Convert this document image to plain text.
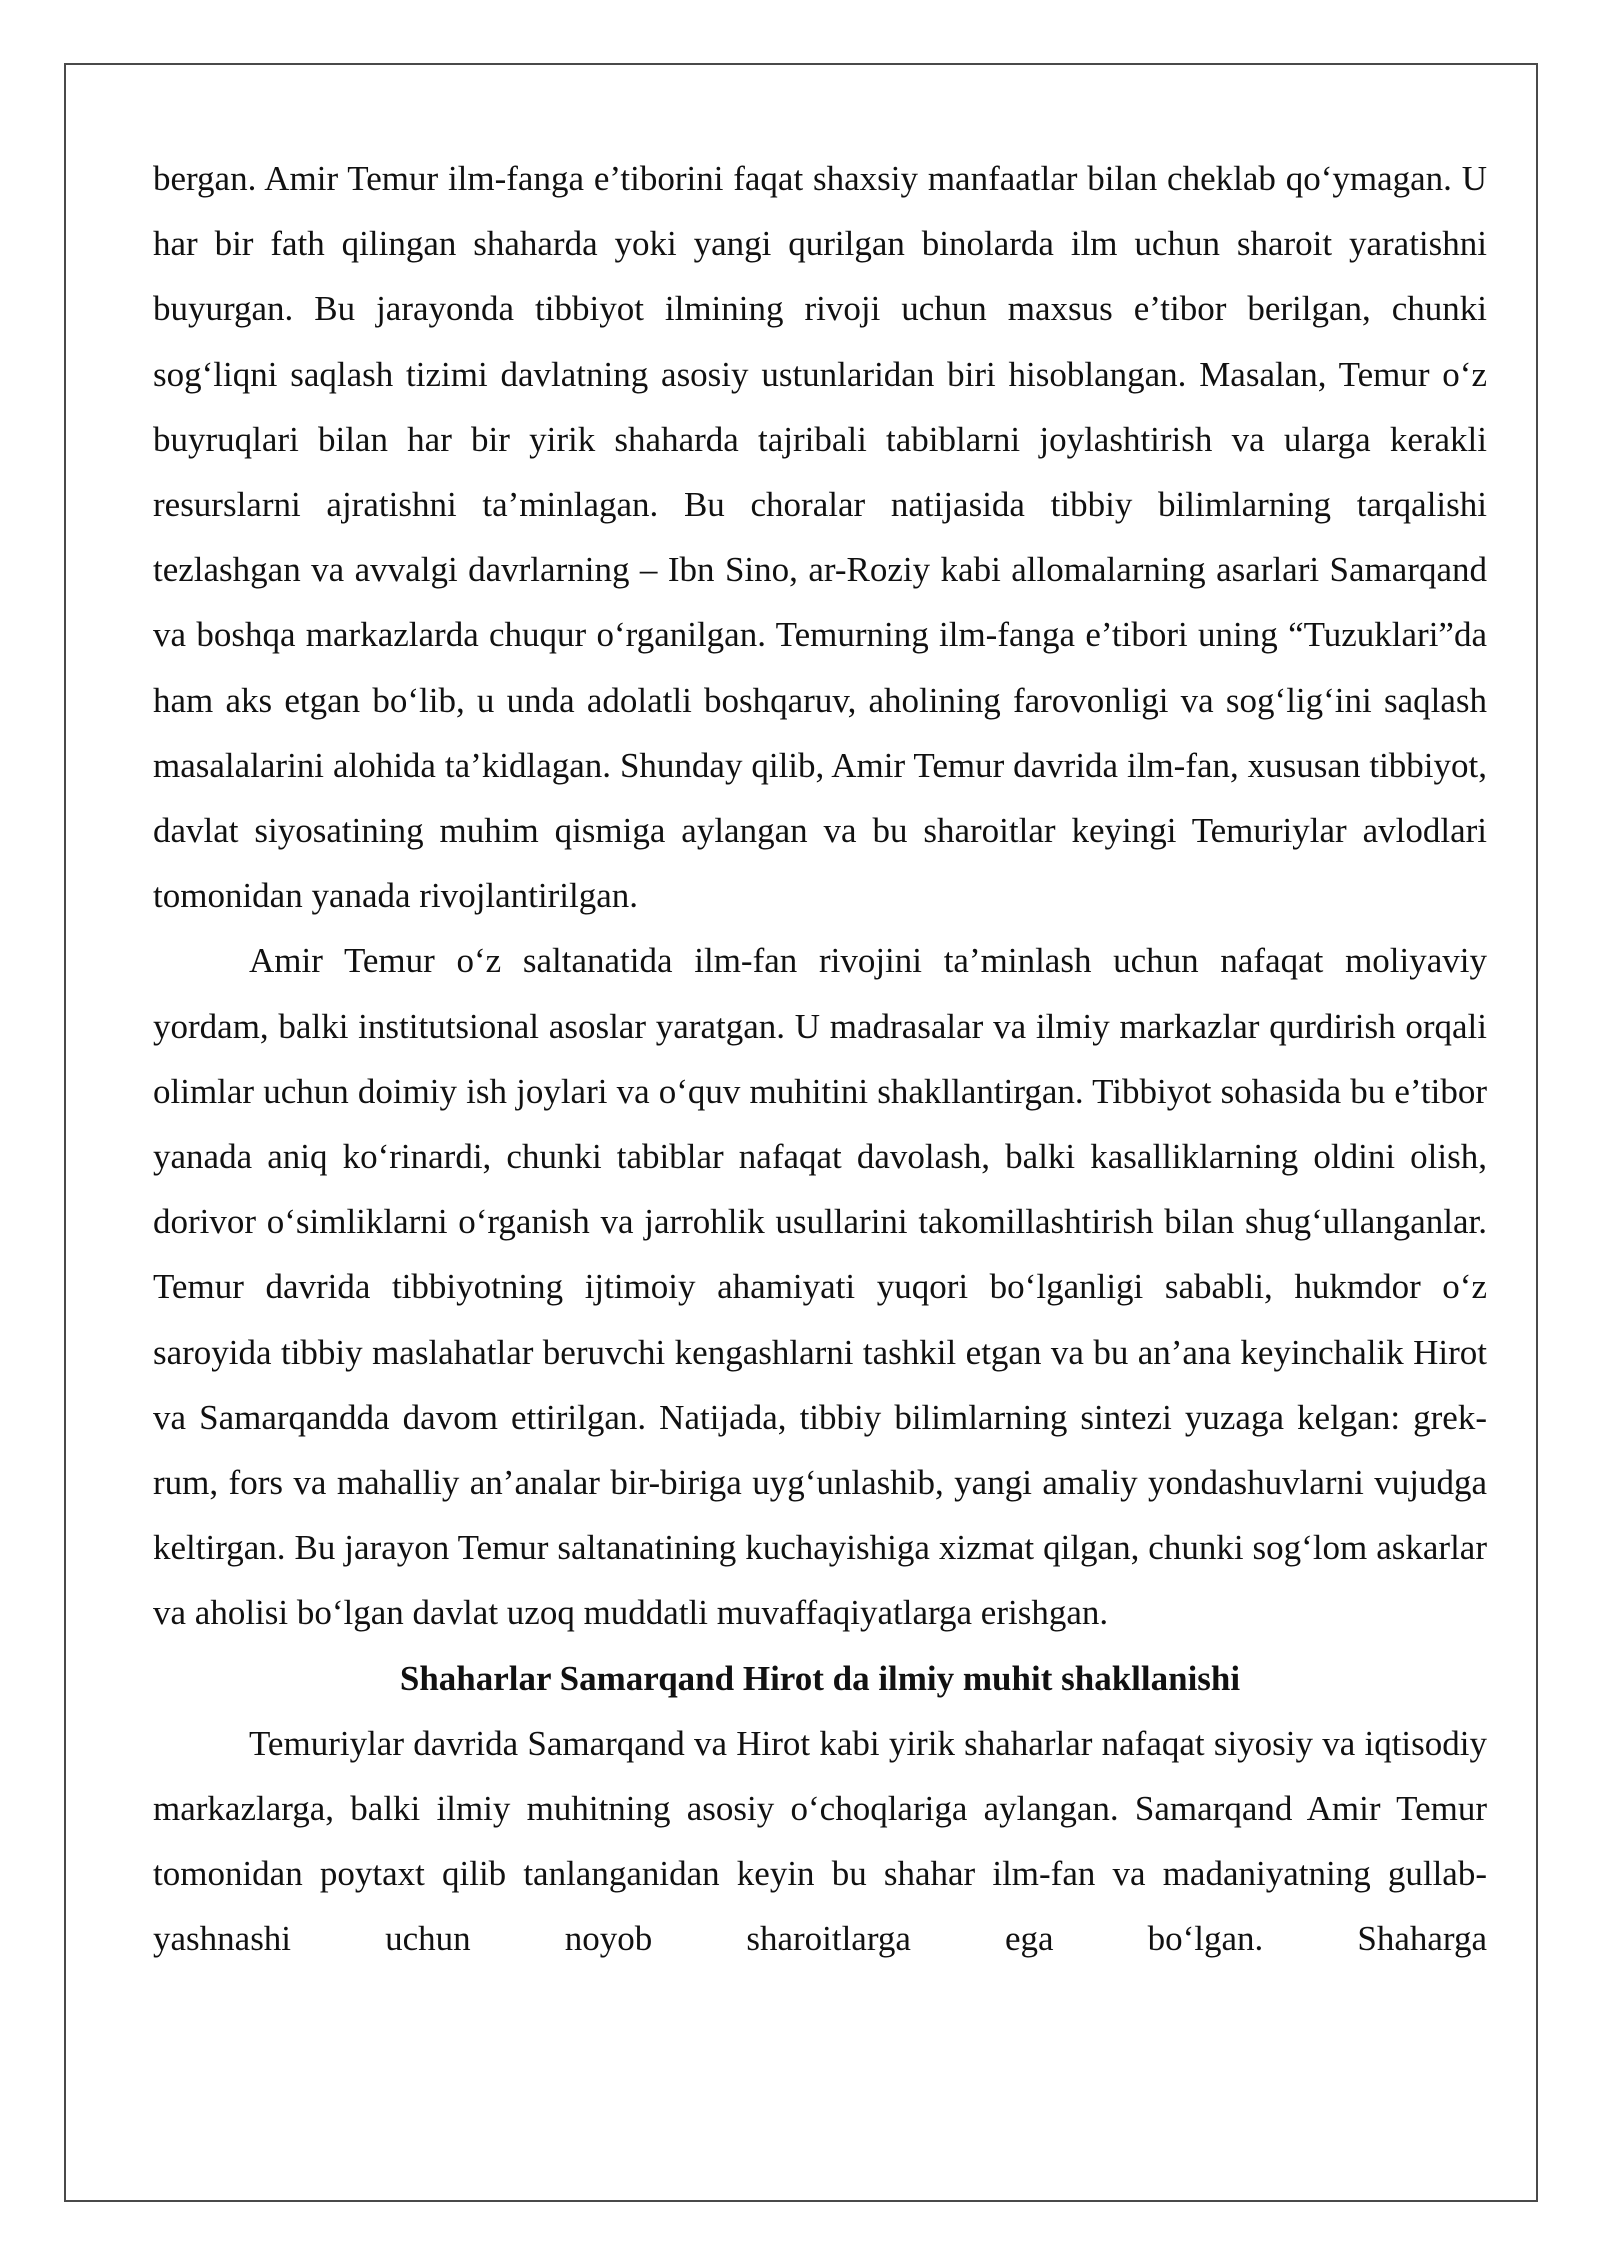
bergan. Amir Temur ilm-fanga e’tiborini faqat shaxsiy manfaatlar bilan cheklab qo‘ymagan. U har bir fath qilingan shaharda yoki yangi qurilgan binolarda ilm uchun sharoit yaratishni buyurgan. Bu jarayonda tibbiyot ilmining rivoji uchun maxsus e’tibor berilgan, chunki sog‘liqni saqlash tizimi davlatning asosiy ustunlaridan biri hisoblangan. Masalan, Temur o‘z buyruqlari bilan har bir yirik shaharda tajribali tabiblarni joylashtirish va ularga kerakli resurslarni ajratishni ta’minlagan. Bu choralar natijasida tibbiy bilimlarning tarqalishi tezlashgan va avvalgi davrlarning – Ibn Sino, ar-Roziy kabi allomalarning asarlari Samarqand va boshqa markazlarda chuqur o‘rganilgan. Temurning ilm-fanga e’tibori uning “Tuzuklari”da ham aks etgan bo‘lib, u unda adolatli boshqaruv, aholining farovonligi va sog‘lig‘ini saqlash masalalarini alohida ta’kidlagan. Shunday qilib, Amir Temur davrida ilm-fan, xususan tibbiyot, davlat siyosatining muhim qismiga aylangan va bu sharoitlar keyingi Temuriylar avlodlari tomonidan yanada rivojlantirilgan.

Amir Temur o‘z saltanatida ilm-fan rivojini ta’minlash uchun nafaqat moliyaviy yordam, balki institutsional asoslar yaratgan. U madrasalar va ilmiy markazlar qurdirish orqali olimlar uchun doimiy ish joylari va o‘quv muhitini shakllantirgan. Tibbiyot sohasida bu e’tibor yanada aniq ko‘rinardi, chunki tabiblar nafaqat davolash, balki kasalliklarning oldini olish, dorivor o‘simliklarni o‘rganish va jarrohlik usullarini takomillashtirish bilan shug‘ullanganlar. Temur davrida tibbiyotning ijtimoiy ahamiyati yuqori bo‘lganligi sababli, hukmdor o‘z saroyida tibbiy maslahatlar beruvchi kengashlarni tashkil etgan va bu an’ana keyinchalik Hirot va Samarqandda davom ettirilgan. Natijada, tibbiy bilimlarning sintezi yuzaga kelgan: grek-rum, fors va mahalliy an’analar bir-biriga uyg‘unlashib, yangi amaliy yondashuvlarni vujudga keltirgan. Bu jarayon Temur saltanatining kuchayishiga xizmat qilgan, chunki sog‘lom askarlar va aholisi bo‘lgan davlat uzoq muddatli muvaffaqiyatlarga erishgan.

Shaharlar Samarqand Hirot da ilmiy muhit shakllanishi

Temuriylar davrida Samarqand va Hirot kabi yirik shaharlar nafaqat siyosiy va iqtisodiy markazlarga, balki ilmiy muhitning asosiy o‘choqlariga aylangan. Samarqand Amir Temur tomonidan poytaxt qilib tanlanganidan keyin bu shahar ilm-fan va madaniyatning gullab-yashnashi uchun noyob sharoitlarga ega bo‘lgan. Shaharga
